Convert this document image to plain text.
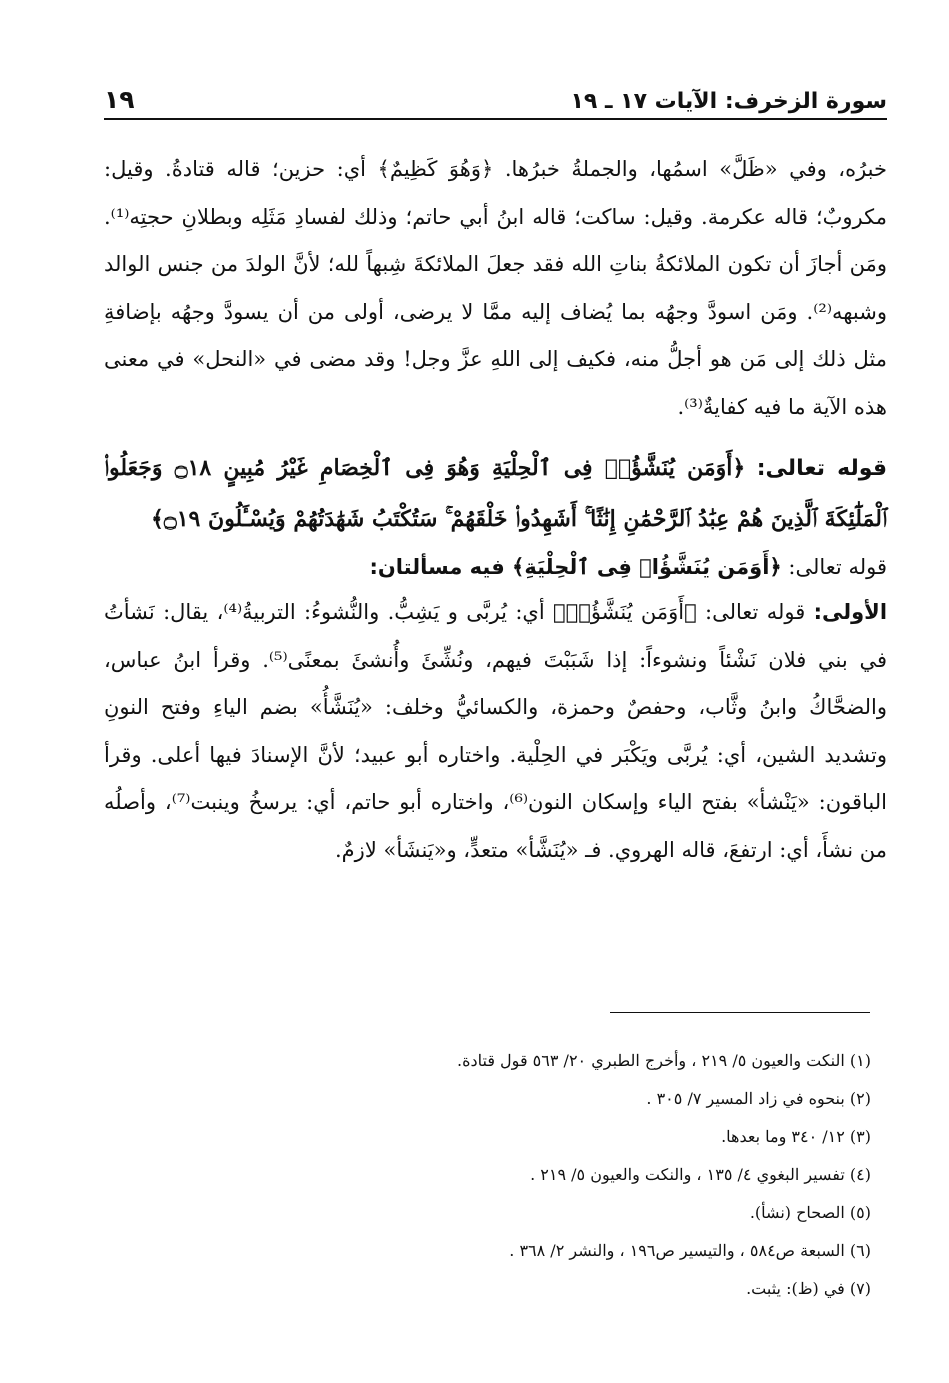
١٩	سورة الزخرف: الآيات ١٧ ـ ١٩

خبرُه، وفي «ظَلَّ» اسمُها، والجملةُ خبرُها. ﴿وَهُوَ كَظِيمٌ﴾ أي: حزين؛ قاله قتادةُ. وقيل: مكروبٌ؛ قاله عكرمة. وقيل: ساكت؛ قاله ابنُ أبي حاتم؛ وذلك لفسادِ مَثَلِه وبطلانِ حجتِه⁽¹⁾. ومَن أجازَ أن تكون الملائكةُ بناتِ الله فقد جعلَ الملائكةَ شِبهاً لله؛ لأنَّ الولدَ من جنس الوالد وشبهه⁽²⁾. ومَن اسودَّ وجهُه بما يُضاف إليه ممَّا لا يرضى، أولى من أن يسودَّ وجهُه بإضافةِ مثل ذلك إلى مَن هو أجلُّ منه، فكيف إلى اللهِ عزَّ وجل! وقد مضى في «النحل» في معنى هذه الآية ما فيه كفايةٌ⁽³⁾.

قوله تعالى: ﴿أَوَمَن يُنَشَّؤُا۟ فِى ٱلْحِلْيَةِ وَهُوَ فِى ٱلْخِصَامِ غَيْرُ مُبِينٍ ۝١٨ وَجَعَلُوا۟ ٱلْمَلَٰٓئِكَةَ ٱلَّذِينَ هُمْ عِبَٰدُ ٱلرَّحْمَٰنِ إِنَٰثًا ۚ أَشَهِدُوا۟ خَلْقَهُمْ ۚ سَتُكْتَبُ شَهَٰدَتُهُمْ وَيُسْـَٔلُونَ ۝١٩﴾

قوله تعالى: ﴿أَوَمَن يُنَشَّؤُا۟ فِى ٱلْحِلْيَةِ﴾ فيه مسألتان:

الأولى: قوله تعالى: ﴿أَوَمَن يُنَشَّؤُا۟﴾ أي: يُربَّى و يَشِبُّ. والنُّشوءُ: التربيةُ⁽⁴⁾، يقال: نَشأتُ في بني فلان نَشْئاً ونشوءاً: إذا شَبَبْتَ فيهم، ونُشِّئَ وأُنشئَ بمعنًى⁽⁵⁾. وقرأ ابنُ عباس، والضحَّاكُ وابنُ وثَّاب، وحفصٌ وحمزة، والكسائيُّ وخلف: «يُنَشَّأُ» بضم الياءِ وفتح النونِ وتشديد الشين، أي: يُربَّى ويَكْبَر في الحِلْية. واختاره أبو عبيد؛ لأنَّ الإسنادَ فيها أعلى. وقرأ الباقون: «يَنْشأ» بفتح الياء وإسكان النون⁽⁶⁾، واختاره أبو حاتم، أي: يرسخُ وينبت⁽⁷⁾، وأصلُه من نشأَ، أي: ارتفعَ، قاله الهروي. فـ «يُنَشَّأ» متعدٍّ، و«يَنشَأ» لازمٌ.

(١) النكت والعيون ٥/ ٢١٩ ، وأخرج الطبري ٢٠/ ٥٦٣ قول قتادة.
(٢) بنحوه في زاد المسير ٧/ ٣٠٥ .
(٣) ١٢/ ٣٤٠ وما بعدها.
(٤) تفسير البغوي ٤/ ١٣٥ ، والنكت والعيون ٥/ ٢١٩ .
(٥) الصحاح (نشأ).
(٦) السبعة ص٥٨٤ ، والتيسير ص١٩٦ ، والنشر ٢/ ٣٦٨ .
(٧) في (ظ): يثبت.
